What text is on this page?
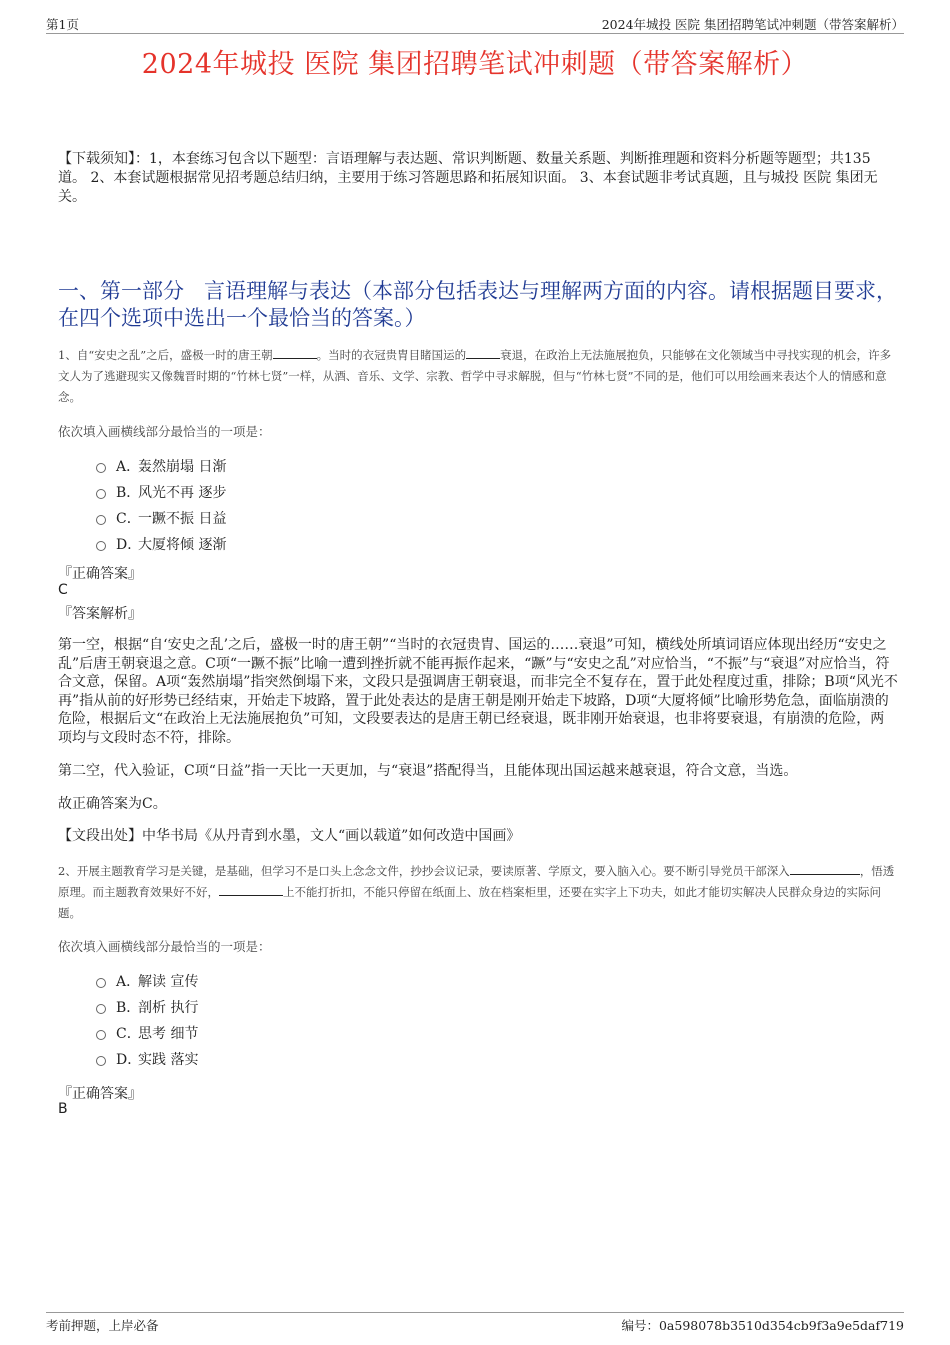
第1页	2024年城投 医院 集团招聘笔试冲刺题（带答案解析）
2024年城投 医院 集团招聘笔试冲刺题（带答案解析）
【下载须知】：1，本套练习包含以下题型：言语理解与表达题、常识判断题、数量关系题、判断推理题和资料分析题等题型；共135道。 2、本套试题根据常见招考题总结归纳，主要用于练习答题思路和拓展知识面。 3、本套试题非考试真题，且与城投 医院 集团无关。
一、第一部分 言语理解与表达（本部分包括表达与理解两方面的内容。请根据题目要求，在四个选项中选出一个最恰当的答案。）
1、自“安史之乱”之后，盛极一时的唐王朝	。当时的衣冠贵胄目睹国运的	衰退，在政治上无法施展抱负，只能够在文化领域当中寻找实现的机会，许多文人为了逃避现实又像魏晋时期的“竹林七贤”一样，从酒、音乐、文学、宗教、哲学中寻求解脱，但与“竹林七贤”不同的是，他们可以用绘画来表达个人的情感和意念。
依次填入画横线部分最恰当的一项是：
A．
轰然崩塌 日渐
B．
风光不再 逐步
C．
一蹶不振 日益
D．
大厦将倾 逐渐
『正确答案』
C
『答案解析』
第一空，根据“自‘安史之乱’之后，盛极一时的唐王朝”“当时的衣冠贵胄、国运的……衰退”可知，横线处所填词语应体现出经历“安史之乱”后唐王朝衰退之意。C项“一蹶不振”比喻一遭到挫折就不能再振作起来，“蹶”与“安史之乱”对应恰当，“不振”与“衰退”对应恰当，符合文意，保留。A项“轰然崩塌”指突然倒塌下来，文段只是强调唐王朝衰退，而非完全不复存在，置于此处程度过重，排除；B项“风光不再”指从前的好形势已经结束，开始走下坡路，置于此处表达的是唐王朝是刚开始走下坡路，D项“大厦将倾”比喻形势危急，面临崩溃的危险，根据后文“在政治上无法施展抱负”可知，文段要表达的是唐王朝已经衰退，既非刚开始衰退，也非将要衰退，有崩溃的危险，两项均与文段时态不符，排除。
第二空，代入验证，C项“日益”指一天比一天更加，与“衰退”搭配得当，且能体现出国运越来越衰退，符合文意，当选。
故正确答案为C。
【文段出处】中华书局《从丹青到水墨，文人“画以载道”如何改造中国画》
2、开展主题教育学习是关键，是基础，但学习不是口头上念念文件，抄抄会议记录，要读原著、学原文，要入脑入心。要不断引导党员干部深入	，悟透原理。而主题教育效果好不好，	上不能打折扣，不能只停留在纸面上、放在档案柜里，还要在实字上下功夫，如此才能切实解决人民群众身边的实际问题。
依次填入画横线部分最恰当的一项是：
A．
解读 宣传
B．
剖析 执行
C．
思考 细节
D．
实践 落实
『正确答案』
B
考前押题，上岸必备	编号：0a598078b3510d354cb9f3a9e5daf719
